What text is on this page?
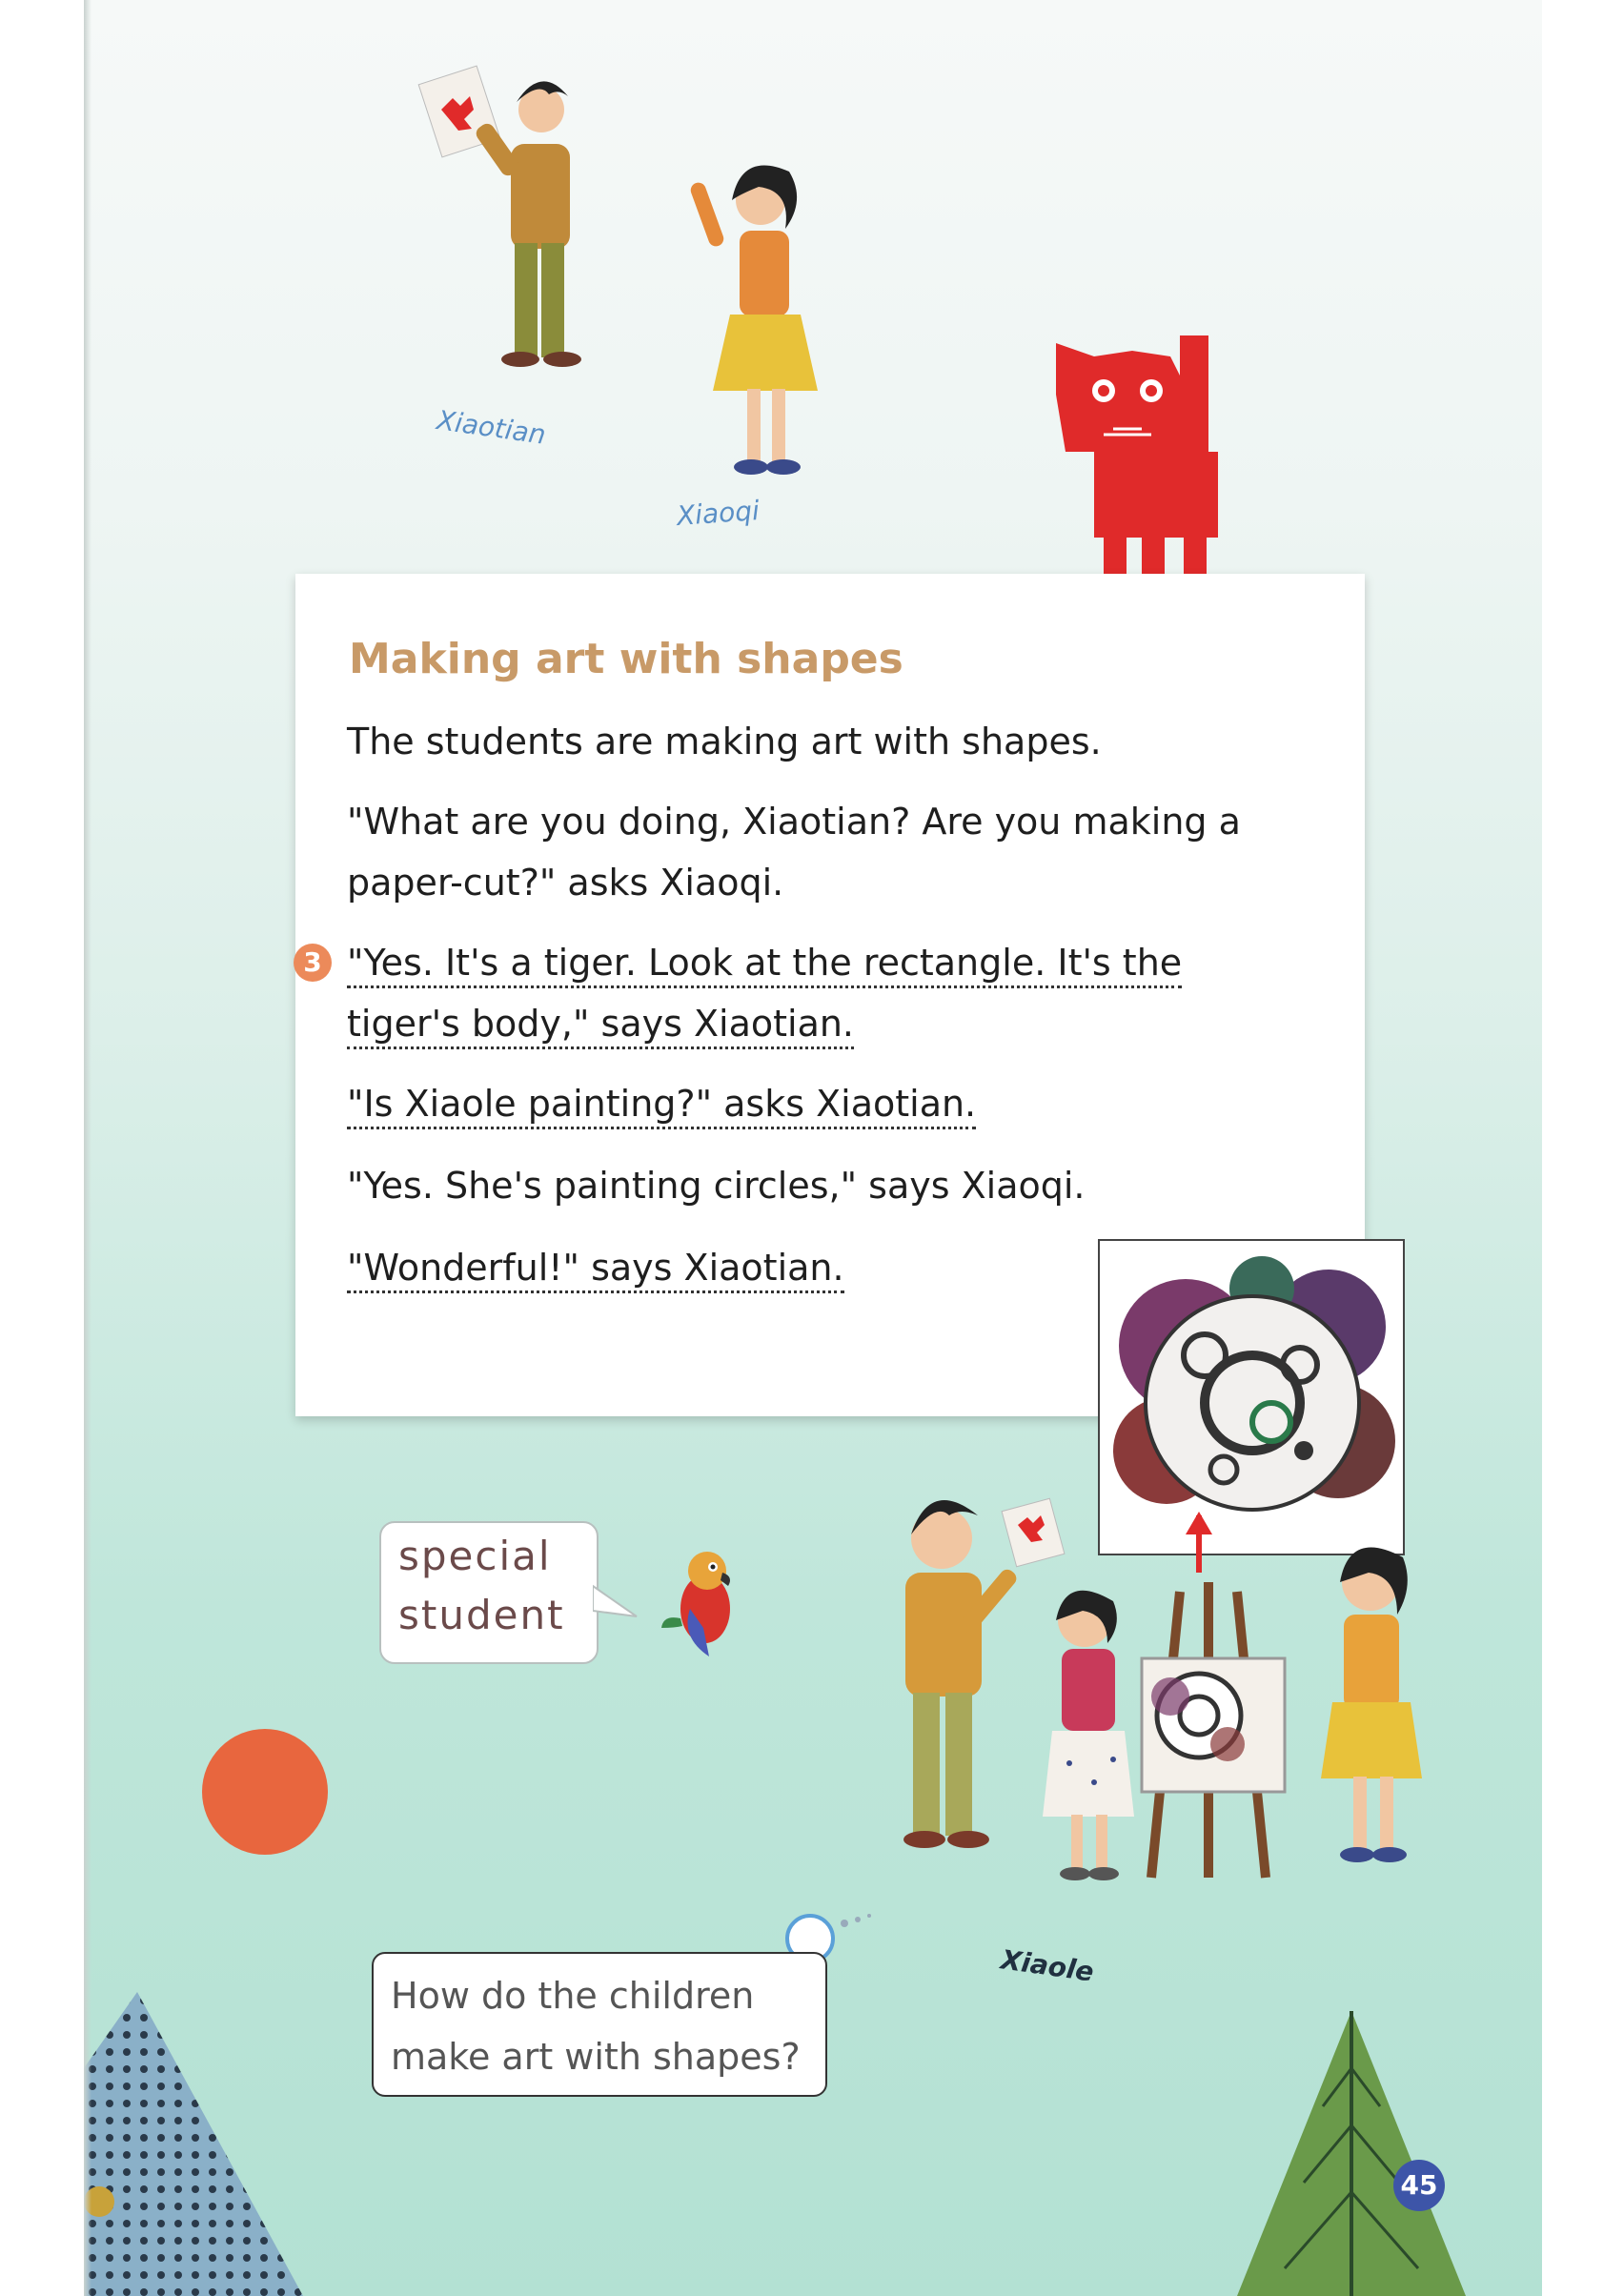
Xiaotian
Xiaoqi
Making art with shapes
The students are making art with shapes.
"What are you doing, Xiaotian? Are you making a
paper-cut?" asks Xiaoqi.
3 "Yes. It's a tiger. Look at the rectangle. It's the
tiger's body," says Xiaotian.
"Is Xiaole painting?" asks Xiaotian.
"Yes. She's painting circles," says Xiaoqi.
"Wonderful!" says Xiaotian.
special
student
Xiaole
How do the children
make art with shapes?
45
